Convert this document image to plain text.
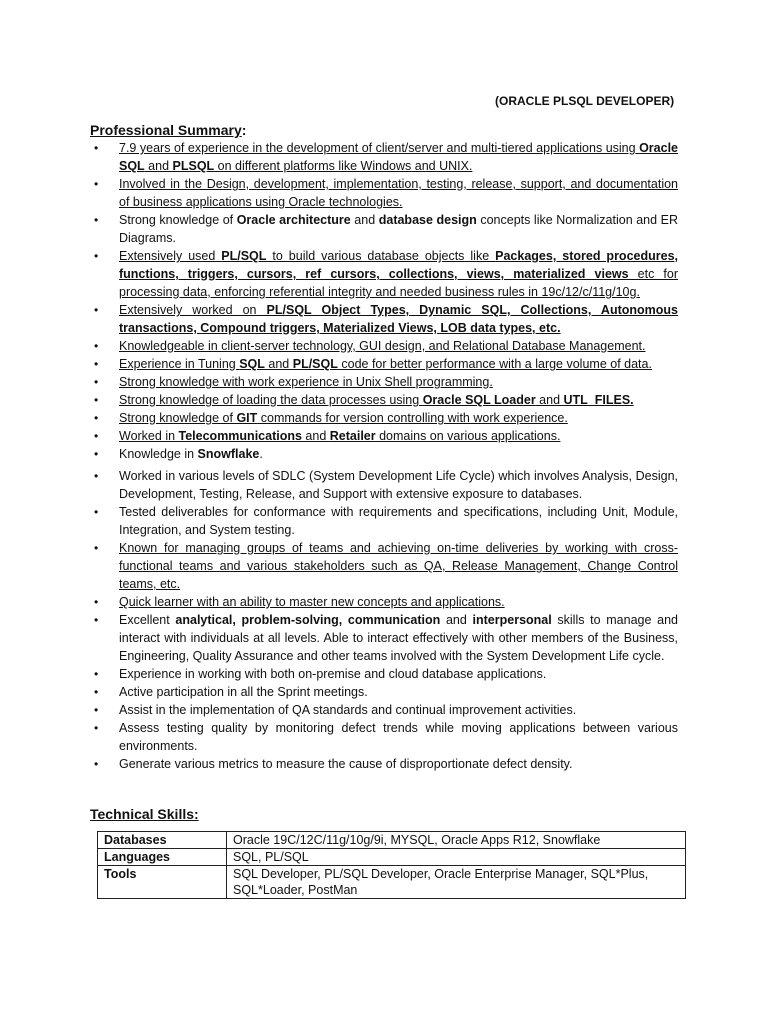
(ORACLE PLSQL DEVELOPER)
Professional Summary:
• 7.9 years of experience in the development of client/server and multi-tiered applications using Oracle SQL and PLSQL on different platforms like Windows and UNIX.
• Involved in the Design, development, implementation, testing, release, support, and documentation of business applications using Oracle technologies.
• Strong knowledge of Oracle architecture and database design concepts like Normalization and ER Diagrams.
• Extensively used PL/SQL to build various database objects like Packages, stored procedures, functions, triggers, cursors, ref cursors, collections, views, materialized views etc for processing data, enforcing referential integrity and needed business rules in 19c/12/c/11g/10g.
• Extensively worked on PL/SQL Object Types, Dynamic SQL, Collections, Autonomous transactions, Compound triggers, Materialized Views, LOB data types, etc.
• Knowledgeable in client-server technology, GUI design, and Relational Database Management.
• Experience in Tuning SQL and PL/SQL code for better performance with a large volume of data.
• Strong knowledge with work experience in Unix Shell programming.
• Strong knowledge of loading the data processes using Oracle SQL Loader and UTL_FILES.
• Strong knowledge of GIT commands for version controlling with work experience.
• Worked in Telecommunications and Retailer domains on various applications.
• Knowledge in Snowflake.
• Worked in various levels of SDLC (System Development Life Cycle) which involves Analysis, Design, Development, Testing, Release, and Support with extensive exposure to databases.
• Tested deliverables for conformance with requirements and specifications, including Unit, Module, Integration, and System testing.
• Known for managing groups of teams and achieving on-time deliveries by working with cross-functional teams and various stakeholders such as QA, Release Management, Change Control teams, etc.
• Quick learner with an ability to master new concepts and applications.
• Excellent analytical, problem-solving, communication and interpersonal skills to manage and interact with individuals at all levels. Able to interact effectively with other members of the Business, Engineering, Quality Assurance and other teams involved with the System Development Life cycle.
• Experience in working with both on-premise and cloud database applications.
• Active participation in all the Sprint meetings.
• Assist in the implementation of QA standards and continual improvement activities.
• Assess testing quality by monitoring defect trends while moving applications between various environments.
• Generate various metrics to measure the cause of disproportionate defect density.
Technical Skills:
Databases	Oracle 19C/12C/11g/10g/9i, MYSQL, Oracle Apps R12, Snowflake
Languages	SQL, PL/SQL
Tools	SQL Developer, PL/SQL Developer, Oracle Enterprise Manager, SQL*Plus, SQL*Loader, PostMan
